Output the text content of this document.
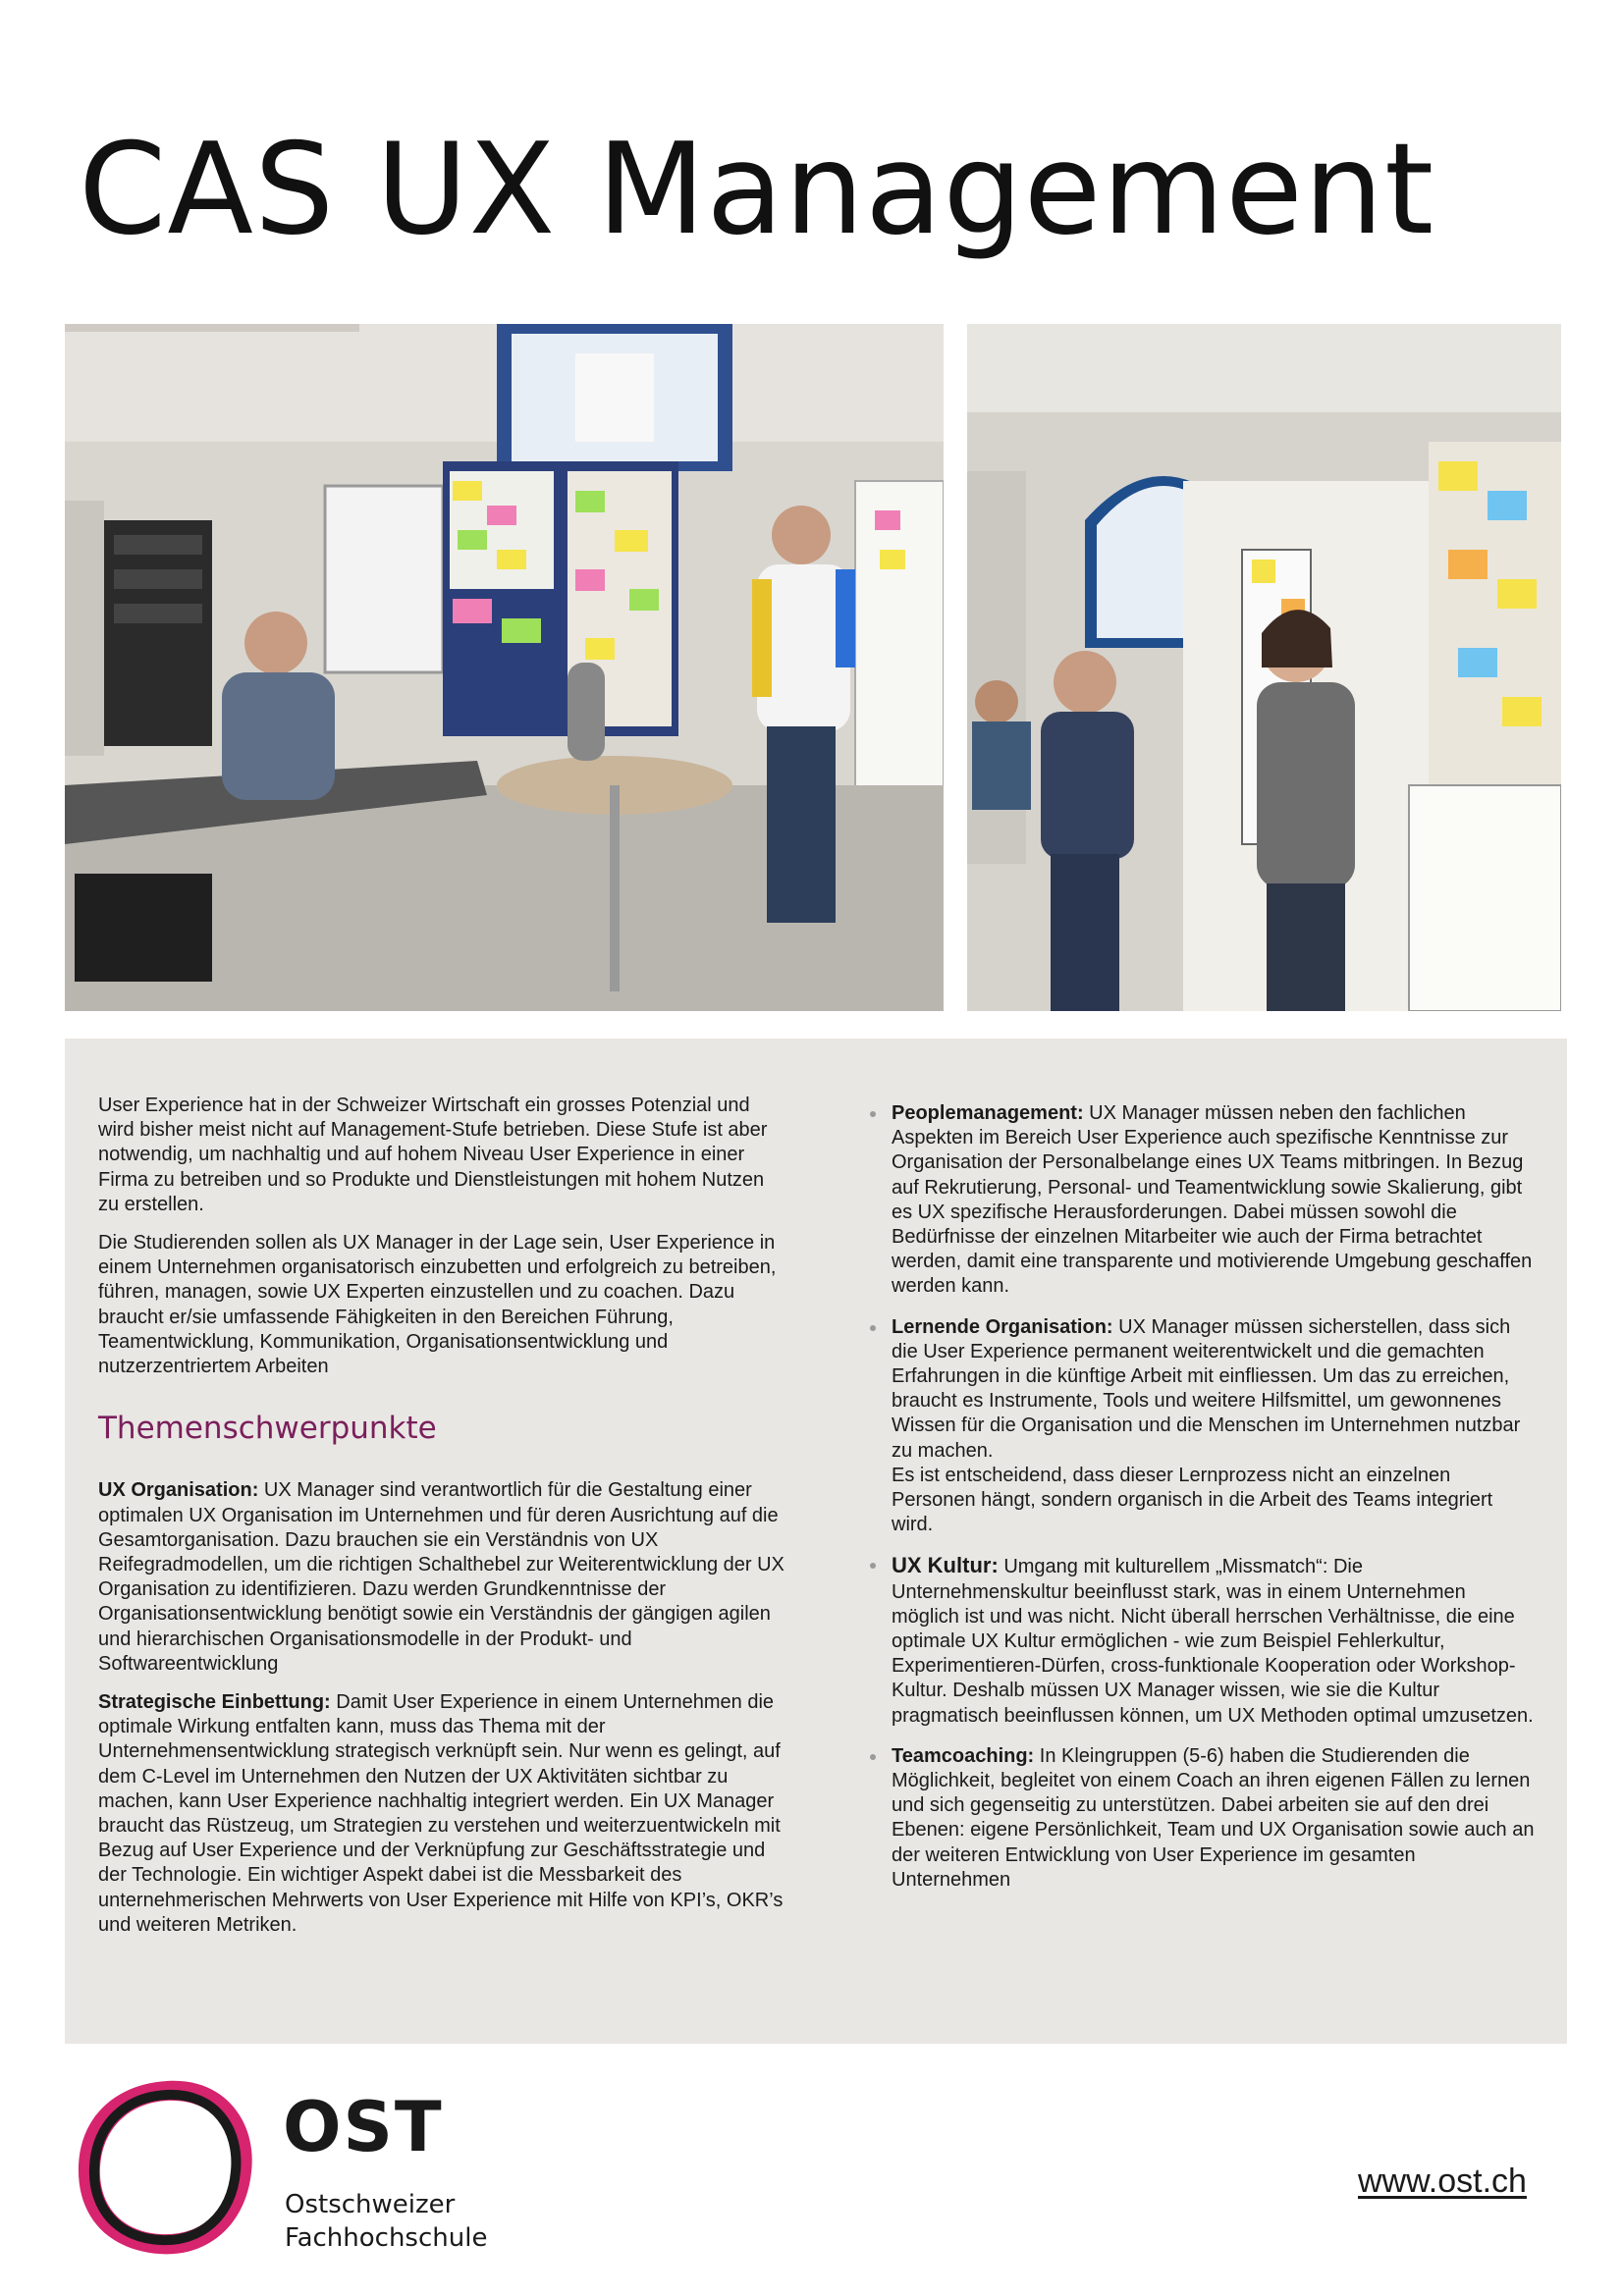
CAS UX Management

User Experience hat in der Schweizer Wirtschaft ein grosses Potenzial und wird bisher meist nicht auf Management-Stufe betrieben. Diese Stufe ist aber notwendig, um nachhaltig und auf hohem Niveau User Experience in einer Firma zu betreiben und so Produkte und Dienstleistungen mit hohem Nutzen zu erstellen.

Die Studierenden sollen als UX Manager in der Lage sein, User Experience in einem Unternehmen organisatorisch einzubetten und erfolgreich zu betreiben, führen, managen, sowie UX Experten einzustellen und zu coachen. Dazu braucht er/sie umfassende Fähigkeiten in den Bereichen Führung, Teamentwicklung, Kommunikation, Organisationsentwicklung und nutzerzentriertem Arbeiten

Themenschwerpunkte

UX Organisation: UX Manager sind verantwortlich für die Gestaltung einer optimalen UX Organisation im Unternehmen und für deren Ausrichtung auf die Gesamtorganisation. Dazu brauchen sie ein Verständnis von UX Reifegradmodellen, um die richtigen Schalthebel zur Weiterentwicklung der UX Organisation zu identifizieren. Dazu werden Grundkenntnisse der Organisationsentwicklung benötigt sowie ein Verständnis der gängigen agilen und hierarchischen Organisationsmodelle in der Produkt- und Softwareentwicklung

Strategische Einbettung: Damit User Experience in einem Unternehmen die optimale Wirkung entfalten kann, muss das Thema mit der Unternehmensentwicklung strategisch verknüpft sein. Nur wenn es gelingt, auf dem C-Level im Unternehmen den Nutzen der UX Aktivitäten sichtbar zu machen, kann User Experience nachhaltig integriert werden. Ein UX Manager braucht das Rüstzeug, um Strategien zu verstehen und weiterzuentwickeln mit Bezug auf User Experience und der Verknüpfung zur Geschäftsstrategie und der Technologie. Ein wichtiger Aspekt dabei ist die Messbarkeit des unternehmerischen Mehrwerts von User Experience mit Hilfe von KPI’s, OKR’s und weiteren Metriken.

Peoplemanagement: UX Manager müssen neben den fachlichen Aspekten im Bereich User Experience auch spezifische Kenntnisse zur Organisation der Personalbelange eines UX Teams mitbringen. In Bezug auf Rekrutierung, Personal- und Teamentwicklung sowie Skalierung, gibt es UX spezifische Herausforderungen. Dabei müssen sowohl die Bedürfnisse der einzelnen Mitarbeiter wie auch der Firma betrachtet werden, damit eine transparente und motivierende Umgebung geschaffen werden kann.
Lernende Organisation: UX Manager müssen sicherstellen, dass sich die User Experience permanent weiterentwickelt und die gemachten Erfahrungen in die künftige Arbeit mit einfliessen. Um das zu erreichen, braucht es Instrumente, Tools und weitere Hilfsmittel, um gewonnenes Wissen für die Organisation und die Menschen im Unternehmen nutzbar zu machen.
Es ist entscheidend, dass dieser Lernprozess nicht an einzelnen Personen hängt, sondern organisch in die Arbeit des Teams integriert wird.
UX Kultur: Umgang mit kulturellem „Missmatch“: Die Unternehmenskultur beeinflusst stark, was in einem Unternehmen möglich ist und was nicht. Nicht überall herrschen Verhältnisse, die eine optimale UX Kultur ermöglichen - wie zum Beispiel Fehlerkultur, Experimentieren-Dürfen, cross-funktionale Kooperation oder Workshop-Kultur. Deshalb müssen UX Manager wissen, wie sie die Kultur pragmatisch beeinflussen können, um UX Methoden optimal umzusetzen.
Teamcoaching: In Kleingruppen (5-6) haben die Studierenden die Möglichkeit, begleitet von einem Coach an ihren eigenen Fällen zu lernen und sich gegenseitig zu unterstützen. Dabei arbeiten sie auf den drei Ebenen: eigene Persönlichkeit, Team und UX Organisation sowie auch an der weiteren Entwicklung von User Experience im gesamten Unternehmen
OST
Ostschweizer
Fachhochschule
www.ost.ch
